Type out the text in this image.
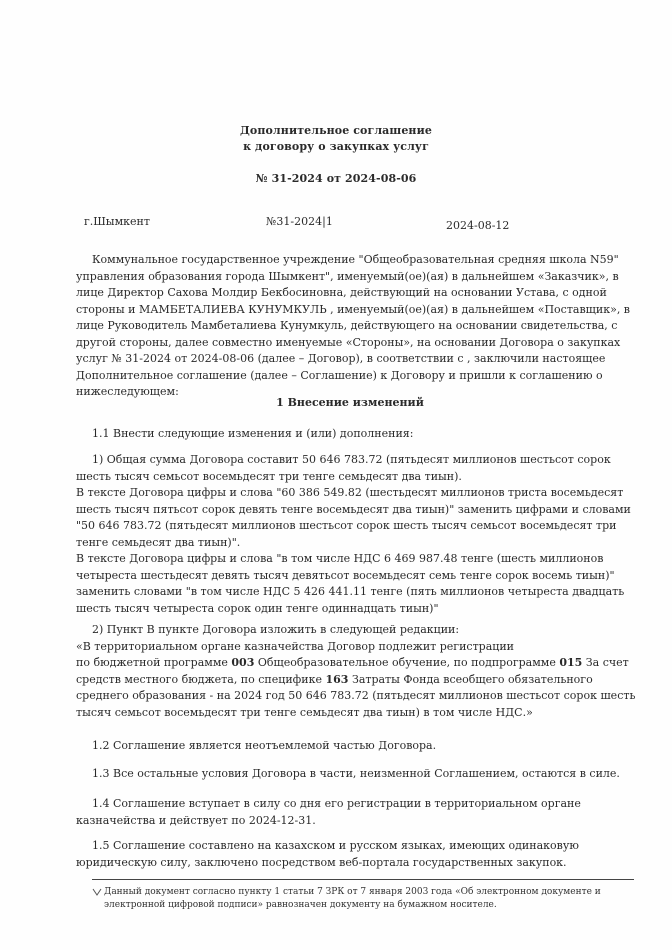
Дополнительное соглашение
к договору о закупках услуг
№ 31-2024 от 2024-08-06
г.Шымкент	№31-2024|1	2024-08-12
Коммунальное государственное учреждение "Общеобразовательная средняя школа N59"
управления образования города Шымкент", именуемый(ое)(ая) в дальнейшем «Заказчик», в
лице Директор Сахова Молдир Бекбосиновна, действующий на основании Устава, с одной
стороны и МАМБЕТАЛИЕВА КУНУМКУЛЬ , именуемый(ое)(ая) в дальнейшем «Поставщик», в
лице Руководитель Мамбеталиева Кунумкуль, действующего на основании свидетельства, с
другой стороны, далее совместно именуемые «Стороны», на основании Договора о закупках
услуг № 31-2024 от 2024-08-06 (далее – Договор), в соответствии с , заключили настоящее
Дополнительное соглашение (далее – Соглашение) к Договору и пришли к соглашению о
нижеследующем:
1 Внесение изменений
1.1 Внести следующие изменения и (или) дополнения:
1) Общая сумма Договора составит 50 646 783.72 (пятьдесят миллионов шестьсот сорок
шесть тысяч семьсот восемьдесят три тенге семьдесят два тиын).
В тексте Договора цифры и слова "60 386 549.82 (шестьдесят миллионов триста восемьдесят
шесть тысяч пятьсот сорок девять тенге восемьдесят два тиын)" заменить цифрами и словами
"50 646 783.72 (пятьдесят миллионов шестьсот сорок шесть тысяч семьсот восемьдесят три
тенге семьдесят два тиын)".
В тексте Договора цифры и слова "в том числе НДС 6 469 987.48 тенге (шесть миллионов
четыреста шестьдесят девять тысяч девятьсот восемьдесят семь тенге сорок восемь тиын)"
заменить словами "в том числе НДС 5 426 441.11 тенге (пять миллионов четыреста двадцать
шесть тысяч четыреста сорок один тенге одиннадцать тиын)"
2) Пункт В пункте Договора изложить в следующей редакции:
«В территориальном органе казначейства Договор подлежит регистрации
по бюджетной программе 003 Общеобразовательное обучение, по подпрограмме 015 За счет
средств местного бюджета, по специфике 163 Затраты Фонда всеобщего обязательного
среднего образования - на 2024 год 50 646 783.72 (пятьдесят миллионов шестьсот сорок шесть
тысяч семьсот восемьдесят три тенге семьдесят два тиын) в том числе НДС.»
1.2 Соглашение является неотъемлемой частью Договора.
1.3 Все остальные условия Договора в части, неизменной Соглашением, остаются в силе.
1.4 Соглашение вступает в силу со дня его регистрации в территориальном органе
казначейства и действует по 2024-12-31.
1.5 Соглашение составлено на казахском и русском языках, имеющих одинаковую
юридическую силу, заключено посредством веб-портала государственных закупок.
Данный документ согласно пункту 1 статьи 7 ЗРК от 7 января 2003 года «Об электронном документе и
электронной цифровой подписи» равнозначен документу на бумажном носителе.
